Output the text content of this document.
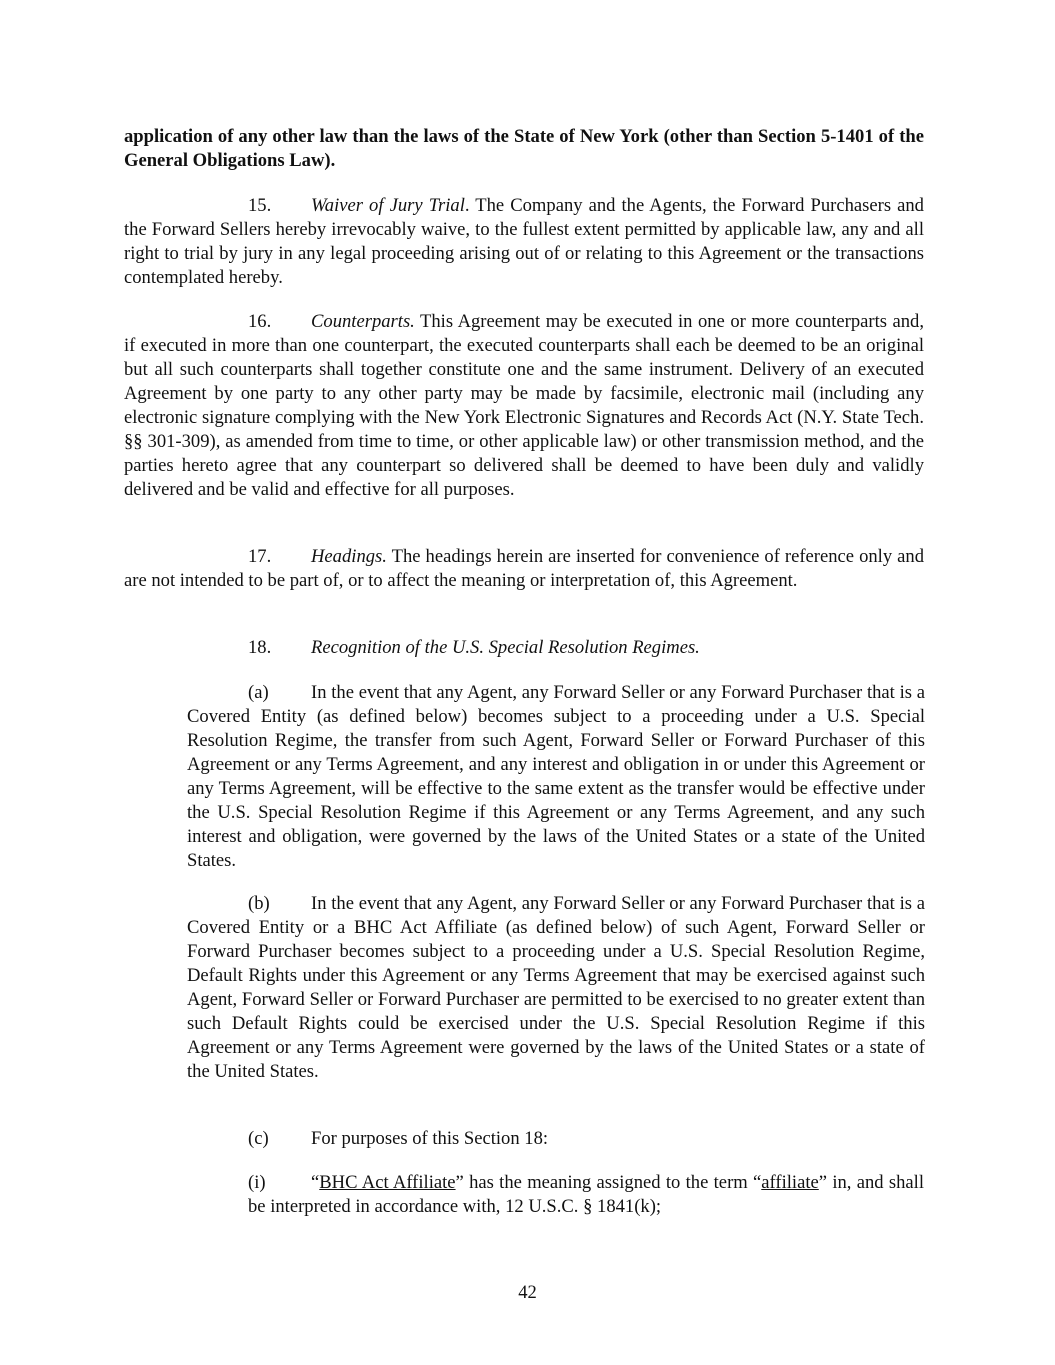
application of any other law than the laws of the State of New York (other than Section 5-1401 of the General Obligations Law).
15. Waiver of Jury Trial. The Company and the Agents, the Forward Purchasers and the Forward Sellers hereby irrevocably waive, to the fullest extent permitted by applicable law, any and all right to trial by jury in any legal proceeding arising out of or relating to this Agreement or the transactions contemplated hereby.
16. Counterparts. This Agreement may be executed in one or more counterparts and, if executed in more than one counterpart, the executed counterparts shall each be deemed to be an original but all such counterparts shall together constitute one and the same instrument. Delivery of an executed Agreement by one party to any other party may be made by facsimile, electronic mail (including any electronic signature complying with the New York Electronic Signatures and Records Act (N.Y. State Tech. §§ 301-309), as amended from time to time, or other applicable law) or other transmission method, and the parties hereto agree that any counterpart so delivered shall be deemed to have been duly and validly delivered and be valid and effective for all purposes.
17. Headings. The headings herein are inserted for convenience of reference only and are not intended to be part of, or to affect the meaning or interpretation of, this Agreement.
18. Recognition of the U.S. Special Resolution Regimes.
(a) In the event that any Agent, any Forward Seller or any Forward Purchaser that is a Covered Entity (as defined below) becomes subject to a proceeding under a U.S. Special Resolution Regime, the transfer from such Agent, Forward Seller or Forward Purchaser of this Agreement or any Terms Agreement, and any interest and obligation in or under this Agreement or any Terms Agreement, will be effective to the same extent as the transfer would be effective under the U.S. Special Resolution Regime if this Agreement or any Terms Agreement, and any such interest and obligation, were governed by the laws of the United States or a state of the United States.
(b) In the event that any Agent, any Forward Seller or any Forward Purchaser that is a Covered Entity or a BHC Act Affiliate (as defined below) of such Agent, Forward Seller or Forward Purchaser becomes subject to a proceeding under a U.S. Special Resolution Regime, Default Rights under this Agreement or any Terms Agreement that may be exercised against such Agent, Forward Seller or Forward Purchaser are permitted to be exercised to no greater extent than such Default Rights could be exercised under the U.S. Special Resolution Regime if this Agreement or any Terms Agreement were governed by the laws of the United States or a state of the United States.
(c) For purposes of this Section 18:
(i) “BHC Act Affiliate” has the meaning assigned to the term “affiliate” in, and shall be interpreted in accordance with, 12 U.S.C. § 1841(k);
42
